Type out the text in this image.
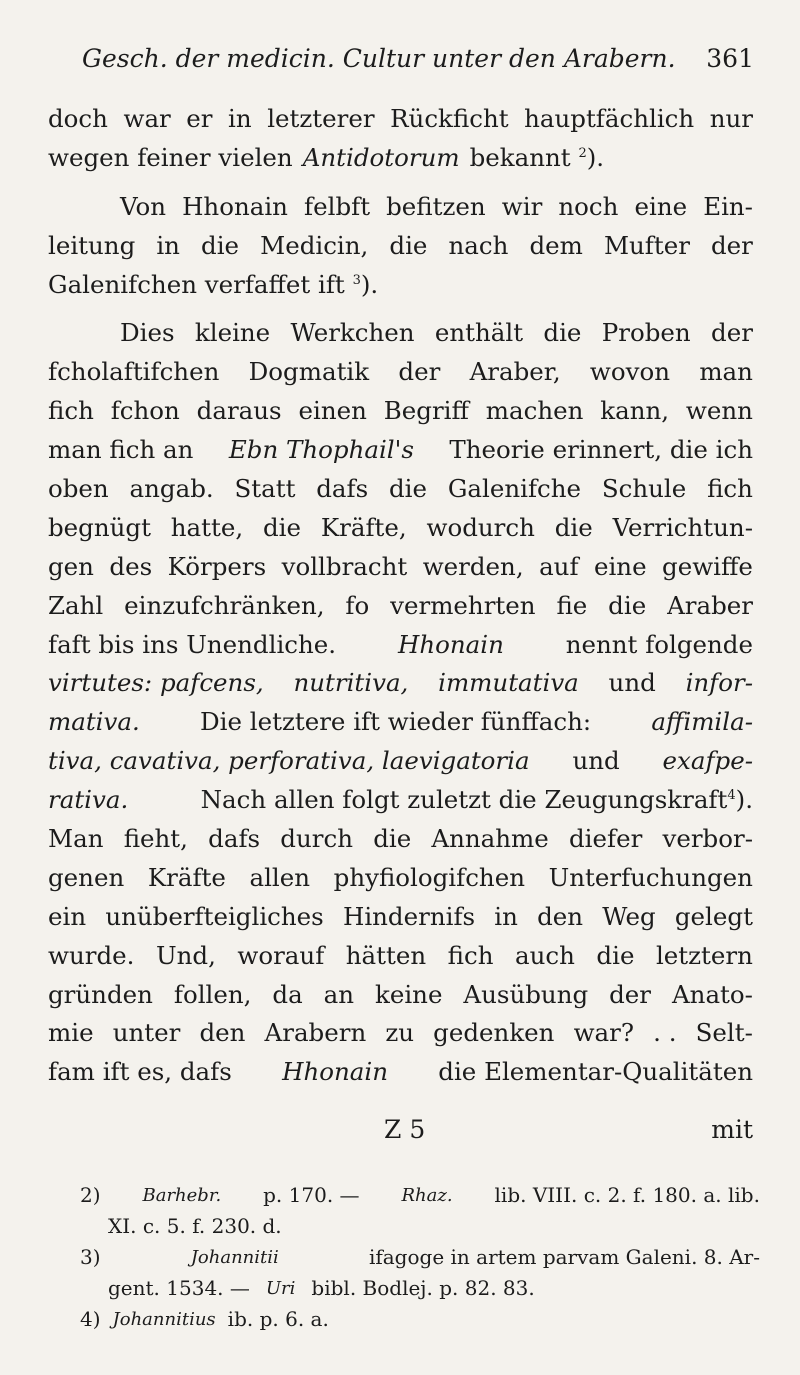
Gesch. der medicin. Cultur unter den Arabern. 361
doch war er in letzterer Rückficht hauptfächlich nur
wegen feiner vielen Antidotorum bekannt $^2$).
Von Hhonain felbft befitzen wir noch eine Ein-
leitung in die Medicin, die nach dem Mufter der
Galenifchen verfaffet ift $^3$).
Dies kleine Werkchen enthält die Proben der
fcholaftifchen Dogmatik der Araber, wovon man
fich fchon daraus einen Begriff machen kann, wenn
man fich an Ebn Thophail's Theorie erinnert, die ich
oben angab. Statt dafs die Galenifche Schule fich
begnügt hatte, die Kräfte, wodurch die Verrichtun-
gen des Körpers vollbracht werden, auf eine gewiffe
Zahl einzufchränken, fo vermehrten fie die Araber
faft bis ins Unendliche.	Hhonain	nennt folgende
virtutes: pafcens, nutritiva, immutativa und infor-
mativa. Die letztere ift wieder fünffach: affimila-
tiva, cavativa, perforativa, laevigatoria und exafpe-
rativa.	Nach allen folgt zuletzt die Zeugungskraft$^4$).
Man fieht, dafs durch die Annahme diefer verbor-
genen Kräfte allen phyfiologifchen Unterfuchungen
ein unüberfteigliches Hindernifs in den Weg gelegt
wurde. Und, worauf hätten fich auch die letztern
gründen follen, da an keine Ausübung der Anato-
mie unter den Arabern zu gedenken war? . . Selt-
fam ift es, dafs Hhonain die Elementar-Qualitäten
Z 5	mit
2) Barhebr. p. 170. — Rhaz. lib. VIII. c. 2. f. 180. a. lib.
XI. c. 5. f. 230. d.
3)	Johannitii	ifagoge in artem parvam Galeni. 8. Ar-
gent. 1534. — Uri bibl. Bodlej. p. 82. 83.
4) Johannitius ib. p. 6. a.
